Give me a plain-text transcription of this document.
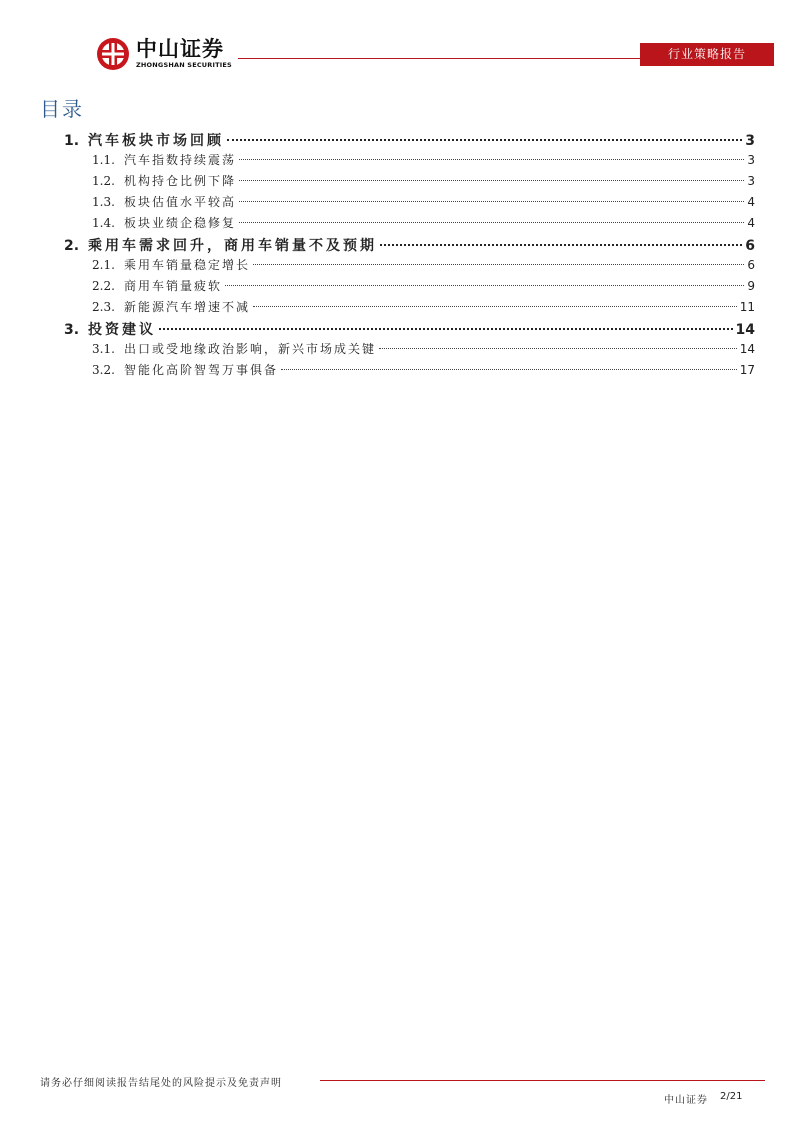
中山证券
ZHONGSHAN SECURITIES
行业策略报告
目录
1. 汽车板块市场回顾	3
1.1. 汽车指数持续震荡	3
1.2. 机构持仓比例下降	3
1.3. 板块估值水平较高	4
1.4. 板块业绩企稳修复	4
2. 乘用车需求回升，商用车销量不及预期	6
2.1. 乘用车销量稳定增长	6
2.2. 商用车销量疲软	9
2.3. 新能源汽车增速不减	11
3. 投资建议	14
3.1. 出口或受地缘政治影响，新兴市场成关键	14
3.2. 智能化高阶智驾万事俱备	17
请务必仔细阅读报告结尾处的风险提示及免责声明
中山证券 2/21
